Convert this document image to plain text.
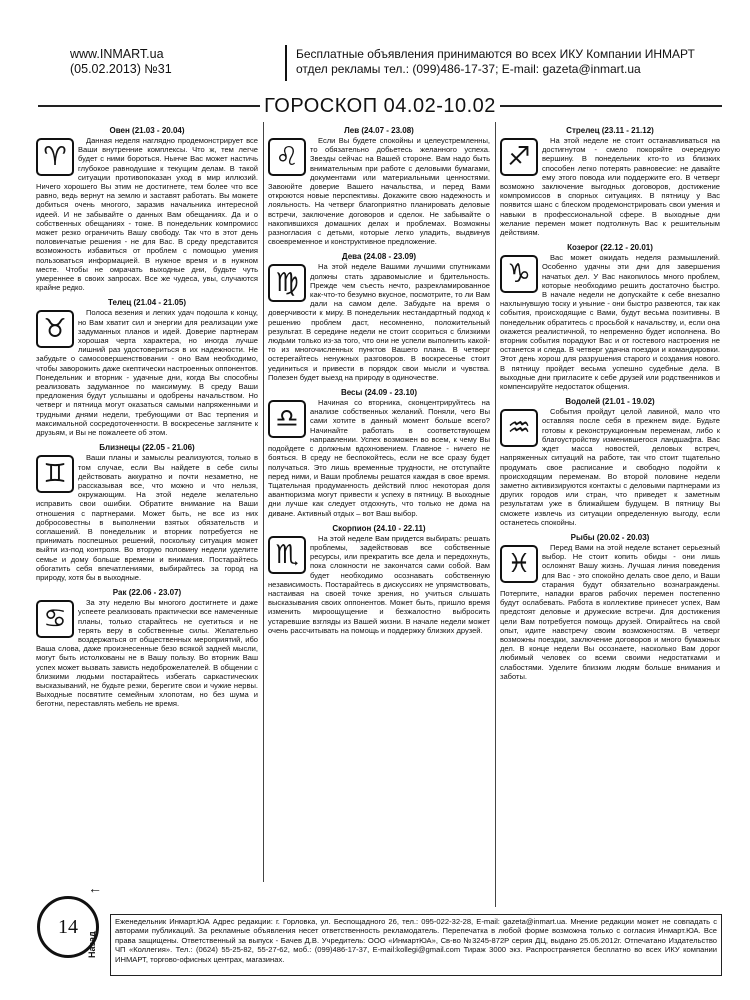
www.INMART.ua
(05.02.2013) №31
Бесплатные объявления принимаются во всех ИКУ Компании ИНМАРТ
отдел рекламы тел.: (099)486-17-37; E-mail: gazeta@inmart.ua
ГОРОСКОП 04.02-10.02
Овен (21.03 - 20.04)
♈
Данная неделя наглядно продемонстрирует все Ваши внутренние комплексы. Что ж, тем легче будет с ними бороться. Нынче Вас может настичь глубокое равнодушие к текущим делам. В такой ситуации противопоказан уход в мир иллюзий. Ничего хорошего Вы этим не достигнете, тем более что все равно, ведь вернут на землю и заставят работать. Вы можете добиться очень многого, заразив начальника интересной идеей. И не забывайте о данных Вам обещаниях. Да и о собственных обещаниях - тоже. В понедельник компромисс может резко ограничить Вашу свободу. Так что в этот день половинчатые решения - не для Вас. В среду представится возможность избавиться от проблем с помощью умения пользоваться информацией. В нужное время и в нужном месте. Чтобы не омрачать выходные дни, будьте чуть умереннее в своих запросах. Все же чудеса, увы, случаются крайне редко.
Телец (21.04 - 21.05)
♉
Полоса везения и легких удач подошла к концу, но Вам хватит сил и энергии для реализации уже задуманных планов и идей. Доверие партнерам хорошая черта характера, но иногда лучше лишний раз удостовериться в их надежности. Не забудьте о самосовершенствовании - оно Вам необходимо, чтобы заворожить даже скептически настроенных оппонентов. Понедельник и вторник - удачные дни, когда Вы способны реализовать задуманное по максимуму. В среду Ваши предложения будут услышаны и одобрены начальством. Но четверг и пятница могут оказаться самыми напряженными и трудными днями недели, требующими от Вас терпения и максимальной сосредоточенности. В воскресенье загляните к друзьям, и Вы не пожалеете об этом.
Близнецы (22.05 - 21.06)
♊
Ваши планы и замыслы реализуются, только в том случае, если Вы найдете в себе силы действовать аккуратно и почти незаметно, не рассказывая все, что можно и что нельзя, окружающим. На этой неделе желательно исправить свои ошибки. Обратите внимание на Ваши отношения с партнерами. Может быть, не все из них добросовестны в выполнении взятых обязательств и соглашений. В понедельник и вторник потребуется не принимать поспешных решений, поскольку ситуация может выйти из-под контроля. Во вторую половину недели уделите семье и дому больше времени и внимания. Постарайтесь обогатить себя впечатлениями, выбирайтесь за город на природу, хотя бы в выходные.
Рак (22.06 - 23.07)
♋
За эту неделю Вы многого достигнете и даже успеете реализовать практически все намеченные планы, только старайтесь не суетиться и не терять веру в собственные силы. Желательно воздержаться от общественных мероприятий, ибо Ваша слова, даже произнесенные безо всякой задней мысли, могут быть истолкованы не в Вашу пользу. Во вторник Ваш успех может вызвать зависть недоброжелателей. В общении с близкими людьми постарайтесь избегать саркастических высказываний, не будьте резки, берегите свои и чужие нервы. Выходные посвятите семейным хлопотам, но без шума и беготни, переставлять мебель не время.
Лев (24.07 - 23.08)
♌
Если Вы будете спокойны и целеустремленны, то обязательно добьетесь желанного успеха. Звезды сейчас на Вашей стороне. Вам надо быть внимательным при работе с деловыми бумагами, документами или материальными ценностями. Завоюйте доверие Вашего начальства, и перед Вами откроются новые перспективы. Докажите свою надежность и лояльность. На четверг благоприятно планировать деловые встречи, заключение договоров и сделок. Не забывайте о накопившихся домашних делах и проблемах. Возможны разногласия с детьми, которые легко уладить, выдвинув своевременное и конструктивное предложение.
Дева (24.08 - 23.09)
♍
На этой неделе Вашими лучшими спутниками должны стать здравомыслие и бдительность. Прежде чем съесть нечто, разрекламированное как-что-то безумно вкусное, посмотрите, то ли Вам дали на самом деле. Забудьте на время о доверчивости к миру. В понедельник нестандартный подход к решению проблем даст, несомненно, положительный результат. В середине недели не стоит ссориться с близкими людьми только из-за того, что они не успели выполнить какой-то из многочисленных пунктов Вашего плана. В четверг остерегайтесь ненужных разговоров. В воскресенье стоит уединиться и привести в порядок свои мысли и чувства. Полезен будет выезд на природу в одиночестве.
Весы (24.09 - 23.10)
♎
Начиная со вторника, сконцентрируйтесь на анализе собственных желаний. Поняли, чего Вы сами хотите в данный момент больше всего? Начинайте работать в соответствующем направлении. Успех возможен во всем, к чему Вы подойдете с должным вдохновением. Главное - ничего не бояться. В среду не беспокойтесь, если не все сразу будет получаться. Это лишь временные трудности, не отступайте перед ними, и Ваши проблемы решатся каждая в свое время. Тщательная продуманность действий плюс некоторая доля авантюризма могут привести к успеху в пятницу. В выходные дни лучше как следует отдохнуть, что только не дома на диване. Активный отдых – вот Ваш выбор.
Скорпион (24.10 - 22.11)
♏
На этой неделе Вам придется выбирать: решать проблемы, задействовав все собственные ресурсы, или прекратить все дела и передохнуть, пока сложности не закончатся сами собой. Вам будет необходимо осознавать собственную независимость. Постарайтесь в дискуссиях не упрямствовать, настаивая на своей точке зрения, но учиться слышать высказывания своих оппонентов. Может быть, пришло время изменить мироощущение и безжалостно выбросить устаревшие взгляды из Вашей жизни. В начале недели может очень рассчитывать на помощь и поддержку близких друзей.
Стрелец (23.11 - 21.12)
♐
На этой неделе не стоит останавливаться на достигнутом - смело покоряйте очередную вершину. В понедельник кто-то из близких способен легко потерять равновесие: не давайте ему этого повода или поддержите его. В четверг возможно заключение выгодных договоров, достижение компромиссов в спорных ситуациях. В пятницу у Вас появится шанс с блеском продемонстрировать свои умения и навыки в профессиональной сфере. В выходные дни желание перемен может подтолкнуть Вас к решительным действиям.
Козерог (22.12 - 20.01)
♑
Вас может ожидать неделя размышлений. Особенно удачны эти дни для завершения начатых дел. У Вас накопилось много проблем, которые необходимо решить достаточно быстро. В начале недели не допускайте к себе внезапно нахлынувшую тоску и уныние - они быстро развеются, так как события, происходящие с Вами, будут весьма позитивны. В понедельник обратитесь с просьбой к начальству, и, если она окажется реалистичной, то непременно будет исполнена. Во вторник события порадуют Вас и от гостевого настроения не останется и следа. В четверг удачна поездки и командировки. Этот день хорош для разрушения старого и создания нового. В пятницу пройдет весьма успешно судебные дела. В выходные дни пригласите к себе друзей или родственников и компенсируйте недостаток общения.
Водолей (21.01 - 19.02)
♒
События пройдут целой лавиной, мало что оставляя после себя в прежнем виде. Будьте готовы к реконструкционным переменам, либо к благоустройству изменившегося ландшафта. Вас ждет масса новостей, деловых встреч, напряженных ситуаций на работе, так что стоит тщательно продумать свое расписание и свободно подойти к происходящим переменам. Во второй половине недели заметно активизируются контакты с деловыми партнерами из других городов или стран, что приведет к заметным результатам уже в ближайшем будущем. В пятницу Вы сможете извлечь из ситуации определенную выгоду, если останетесь спокойны.
Рыбы (20.02 - 20.03)
♓
Перед Вами на этой неделе встанет серьезный выбор. Не стоит копить обиды - они лишь осложнят Вашу жизнь. Лучшая линия поведения для Вас - это спокойно делать свое дело, и Ваши старания будут обязательно вознаграждены. Потерпите, нападки врагов рабочих перемен постепенно будут ослабевать. Работа в коллективе принесет успех, Вам предстоят деловые и дружеские встречи. Для достижения цели Вам потребуется помощь друзей. Опирайтесь на свой опыт, идите навстречу своим возможностям. В четверг возможны поездки, заключение договоров и много бумажных дел. В конце недели Вы осознаете, насколько Вам дорог любимый человек со всеми своими недостатками и слабостями. Уделите близким людям больше внимания и заботы.
14
←
Назад
Еженедельник Инмарт.ЮА Адрес редакции: г. Горловка, ул. Беспощадного 26, тел.: 095-022-32-28, E-mail: gazeta@inmart.ua. Мнение редакции может не совпадать с авторами публикаций. За рекламные объявления несет ответственность рекламодатель. Перепечатка в любой форме возможна только с согласия Инмарт.ЮА. Все права защищены. Ответственный за выпуск - Бачев Д.В. Учредитель: ООО «ИнмартЮА», Св-во №3245-872Р серия ДЦ, выдано 25.05.2012г. Отпечатано Издательство ЧП «Коллегия». Тел.: (0624) 55-25-82, 55-27-62, моб.: (099)486-17-37, E-mail:kollegi@gmail.com Тираж 3000 экз. Распространяется бесплатно во всех ИКУ компании ИНМАРТ, торгово-офисных центрах, магазинах.
